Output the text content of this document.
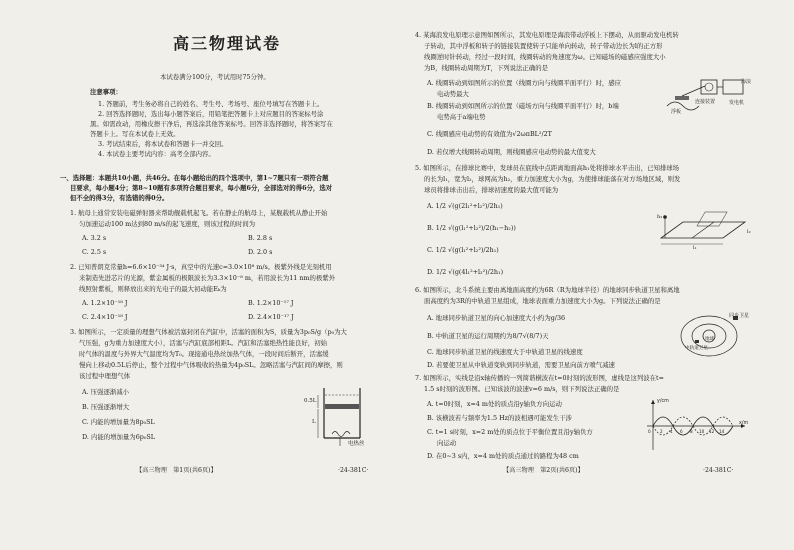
高三物理试卷
本试卷满分100分，考试用时75分钟。
注意事项：
1. 答题前，考生务必将自己的姓名、考生号、考场号、座位号填写在答题卡上。
2. 回答选择题时，选出每小题答案后，用铅笔把答题卡上对应题目的答案标号涂
黑。如需改动，用橡皮擦干净后，再选涂其他答案标号。回答非选择题时，将答案写在
答题卡上。写在本试卷上无效。
3. 考试结束后，将本试卷和答题卡一并交回。
4. 本试卷主要考试内容：高考全部内容。
一、选择题：本题共10小题，共46分。在每小题给出的四个选项中，第1~7题只有一项符合题
目要求，每小题4分；第8~10题有多项符合题目要求，每小题6分，全部选对的得6分，选对
但不全的得3分，有选错的得0分。
1. 航母上通常安装电磁弹射器来帮助舰载机起飞。若在静止的航母上，某舰载机从静止开始
匀加速运动100 m达到80 m/s的起飞速度，则该过程的时间为
A. 3.2 s	B. 2.8 s
C. 2.5 s	D. 2.0 s
2. 已知普朗克常量h=6.6×10⁻³⁴ J·s，真空中的光速c=3.0×10⁸ m/s。极紫外线是光刻机用
来制造先进芯片的光源，紫金属板的极限波长为3.3×10⁻⁸ m，若用波长为11 nm的极紫外
线照射紫板，则释放出来的光电子的最大初动能Eₖ为
A. 1.2×10⁻¹⁸ J	B. 1.2×10⁻¹⁷ J
C. 2.4×10⁻¹⁸ J	D. 2.4×10⁻¹⁷ J
3. 如图所示，一定质量的理想气体被活塞封闭在汽缸中，活塞的面积为S，质量为3p₀S/g（p₀为大
气压强，g为重力加速度大小），活塞与汽缸底部相距L。汽缸和活塞绝热性能良好，初始
时气体的温度与外界大气温度均为T₀。现接通电热丝加热气体，一段时间后断开，活塞缓
慢向上移动0.5L后停止，整个过程中气体吸收的热量为4p₀SL。忽略活塞与汽缸间的摩擦，则
该过程中理想气体
A. 压强逐渐减小
B. 压强逐渐增大
C. 内能的增加量为8p₀SL
D. 内能的增加量为6p₀SL
0.5L
L
电热丝
【高三物理　第1页(共6页)】	·24-381C·
4. 某海浪发电原理示意图如图所示，其发电原理是海浪带动浮板上下摆动，从而驱动发电机转
子转动，其中浮板和转子的链接装置使转子只能单向转动，转子带动边长为l的正方形
线圈逆时针转动，经过一段时间，线圈转动的角速度为ω。已知磁场的磁感应强度大小
为B，线圈转动周期为T，下列说法正确的是
A. 线圈转动到如图所示的位置（线圈方向与线圈平面平行）时，感应
电动势最大
B. 线圈转动到如图所示的位置（磁场方向与线圈平面平行）时，b端
电势高于a端电势
C. 线圈感应电动势的有效值为√2ωπBL²/2T
D. 若仅增大线圈转动周期，则线圈感应电动势的最大值变大
海浪
浮板
连接装置	发电机
5. 如图所示，在排球比赛中，发球员在底线中点距离地面高h₁处将排球水平击出，已知排球场
的长为l₁，宽为l₂，球网高为h₂，重力加速度大小为g，为使排球能落在对方场地区域，则发
球员将排球击出后，排球初速度的最大值可能为
A. 1/2 √(g(2l₁²+l₂²)/2h₁)
B. 1/2 √(g(l₁²+l₂²)/2(h₁−h₂))
C. 1/2 √(g(l₁²+l₂²)/2h₁)
D. 1/2 √(g(4l₁²+l₂²)/2h₁)
h₂
l₁
l₂
6. 如图所示，北斗系统主要由离地面高度约为6R（R为地球半径）的地球同步轨道卫星和离地
面高度约为3R的中轨道卫星组成，地球表面重力加速度大小为g。下列说法正确的是
A. 地球同步轨道卫星的向心加速度大小约为g/36
B. 中轨道卫星的运行周期约为8/7√(8/7)天
C. 地球同步轨道卫星的线速度大于中轨道卫星的线速度
D. 若要使卫星从中轨道变轨到同步轨道，需要卫星向前方喷气减速
同步卫星
中轨道卫星
地球
7. 如图所示，实线是沿x轴传播的一列简谐横波在t=0时刻的波形图，虚线是这列波在t=
1.5 s时刻的波形图。已知该波的波速v=6 m/s，则下列说法正确的是
A. t=0时刻，x=4 m处的质点沿y轴负方向运动
B. 该横波若与频率为1.5 Hz的波相遇可能发生干涉
C. t=1 s时刻，x=2 m处的质点位于平衡位置且沿y轴负方
向运动
D. 在0~3 s内，x=4 m处的质点通过的路程为48 cm
y/cm
x/m
0 2 4 6 8 10 12 14
【高三物理　第2页(共6页)】	·24-381C·
